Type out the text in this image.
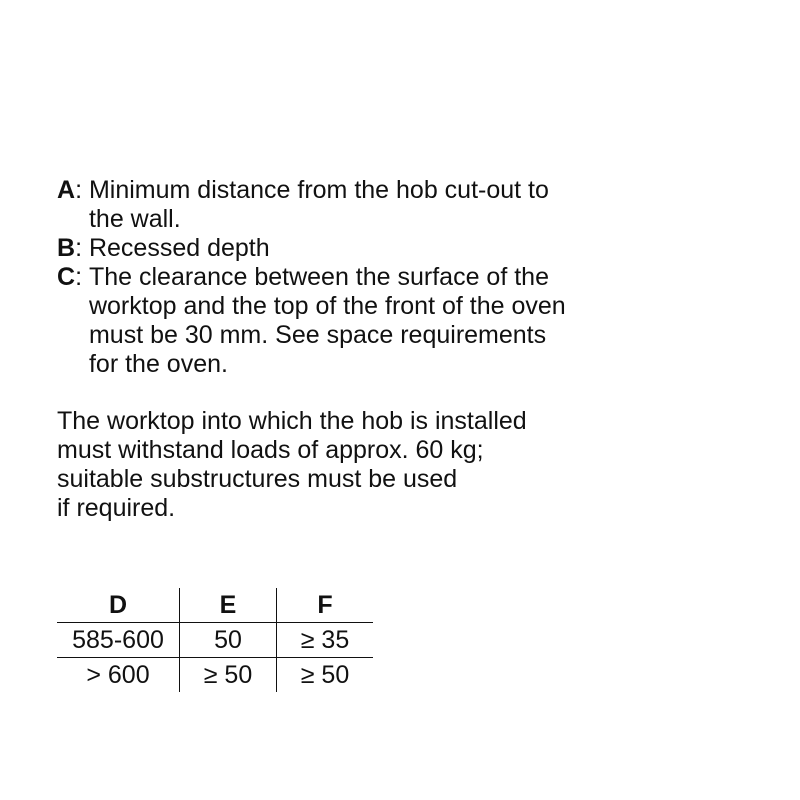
A: Minimum distance from the hob cut-out to the wall.
B: Recessed depth
C: The clearance between the surface of the worktop and the top of the front of the oven must be 30 mm. See space requirements for the oven.
The worktop into which the hob is installed
must withstand loads of approx. 60 kg;
suitable substructures must be used
if required.
D	E	F
585-600	50	≥ 35
> 600	≥ 50	≥ 50
